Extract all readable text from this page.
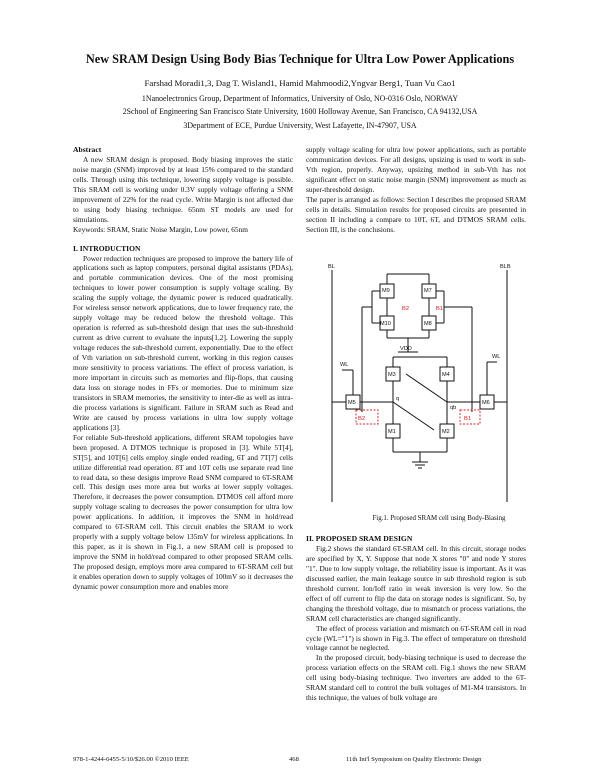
New SRAM Design Using Body Bias Technique for Ultra Low Power Applications
Farshad Moradi1,3, Dag T. Wisland1, Hamid Mahmoodi2,Yngvar Berg1, Tuan Vu Cao1
1Nanoelectronics Group, Department of Informatics, University of Oslo, NO-0316 Oslo, NORWAY
2School of Engineering San Francisco State University, 1600 Holloway Avenue, San Francisco, CA 94132,USA
3Department of ECE, Purdue University, West Lafayette, IN-47907, USA

Abstract

A new SRAM design is proposed. Body biasing improves the static noise margin (SNM) improved by at least 15% compared to the standard cells. Through using this technique, lowering supply voltage is possible. This SRAM cell is working under 0.3V supply voltage offering a SNM improvement of 22% for the read cycle. Write Margin is not affected due to using body biasing technique. 65nm ST models are used for simulations.

Keywords: SRAM, Static Noise Margin, Low power, 65nm

I. INTRODUCTION

Power reduction techniques are proposed to improve the battery life of applications such as laptop computers, personal digital assistants (PDAs), and portable communication devices. One of the most promising techniques to lower power consumption is supply voltage scaling. By scaling the supply voltage, the dynamic power is reduced quadratically. For wireless sensor network applications, due to lower frequency rate, the supply voltage may be reduced below the threshold voltage. This operation is referred as sub-threshold design that uses the sub-threshold current as drive current to evaluate the inputs[1,2]. Lowering the supply voltage reduces the sub-threshold current, exponentially. Due to the effect of Vth variation on sub-threshold current, working in this region causes more sensitivity to process variations. The effect of process variation, is more important in circuits such as memories and flip-flops, that causing data loss on storage nodes in FFs or memories. Due to minimum size transistors in SRAM memories, the sensitivity to inter-die as well as intra-die process variations is significant. Failure in SRAM such as Read and Write are caused by process variations in ultra low supply voltage applications [3].

For reliable Sub-threshold applications, different SRAM topologies have been proposed. A DTMOS technique is proposed in [3]. While 5T[4], ST[5], and 10T[6] cells employ single ended reading, 6T and 7T[7] cells utilize differential read operation. 8T and 10T cells use separate read line to read data, so these designs improve Read SNM compared to 6T-SRAM cell. This design uses more area but works at lower supply voltages. Therefore, it decreases the power consumption. DTMOS cell afford more supply voltage scaling to decreases the power consumption for ultra low power applications. In addition, it improves the SNM in hold/read compared to 6T-SRAM cell. This circuit enables the SRAM to work properly with a supply voltage below 135mV for wireless applications. In this paper, as it is shown in Fig.1, a new SRAM cell is proposed to improve the SNM in hold/read compared to other proposed SRAM cells. The proposed design, employs more area compared to 6T-SRAM cell but it enables operation down to supply voltages of 100mV so it decreases the dynamic power consumption more and enables more

supply voltage scaling for ultra low power applications, such as portable communication devices. For all designs, upsizing is used to work in sub-Vth region, properly. Anyway, upsizing method in sub-Vth has not significant effect on static noise margin (SNM) improvement as much as super-threshold design.

The paper is arranged as follows: Section I describes the proposed SRAM cells in details. Simulation results for proposed circuits are presented in section II including a compare to 10T, 6T, and DTMOS SRAM cells. Section III, is the conclusions.

BL	BLB
M9
M10
M7
M8
VDD
M3
M1
M4
M2
M5	M6
WL
WL
q
qb
B2	B1
B2	B1
Fig.1. Proposed SRAM cell using Body-Biasing

II. PROPOSED SRAM DESIGN

Fig.2 shows the standard 6T-SRAM cell. In this circuit, storage nodes are specified by X, Y. Suppose that node X stores "0" and node Y stores "1". Due to low supply voltage, the reliability issue is important. As it was discussed earlier, the main leakage source in sub threshold region is sub threshold current. Ion/Ioff ratio in weak inversion is very low. So the effect of off current to flip the data on storage nodes is significant. So, by changing the threshold voltage, due to mismatch or process variations, the SRAM cell characteristics are changed significantly.

The effect of process variation and mismatch on 6T-SRAM cell in read cycle (WL="1") is shown in Fig.3. The effect of temperature on threshold voltage cannot be neglected.

In the proposed circuit, body-biasing technique is used to decrease the process variation effects on the SRAM cell. Fig.1 shows the new SRAM cell using body-biasing technique. Two inverters are added to the 6T-SRAM standard cell to control the bulk voltages of M1-M4 transistors. In this technique, the values of bulk voltage are

978-1-4244-6455-5/10/$26.00 ©2010 IEEE	468	11th Int'l Symposium on Quality Electronic Design
